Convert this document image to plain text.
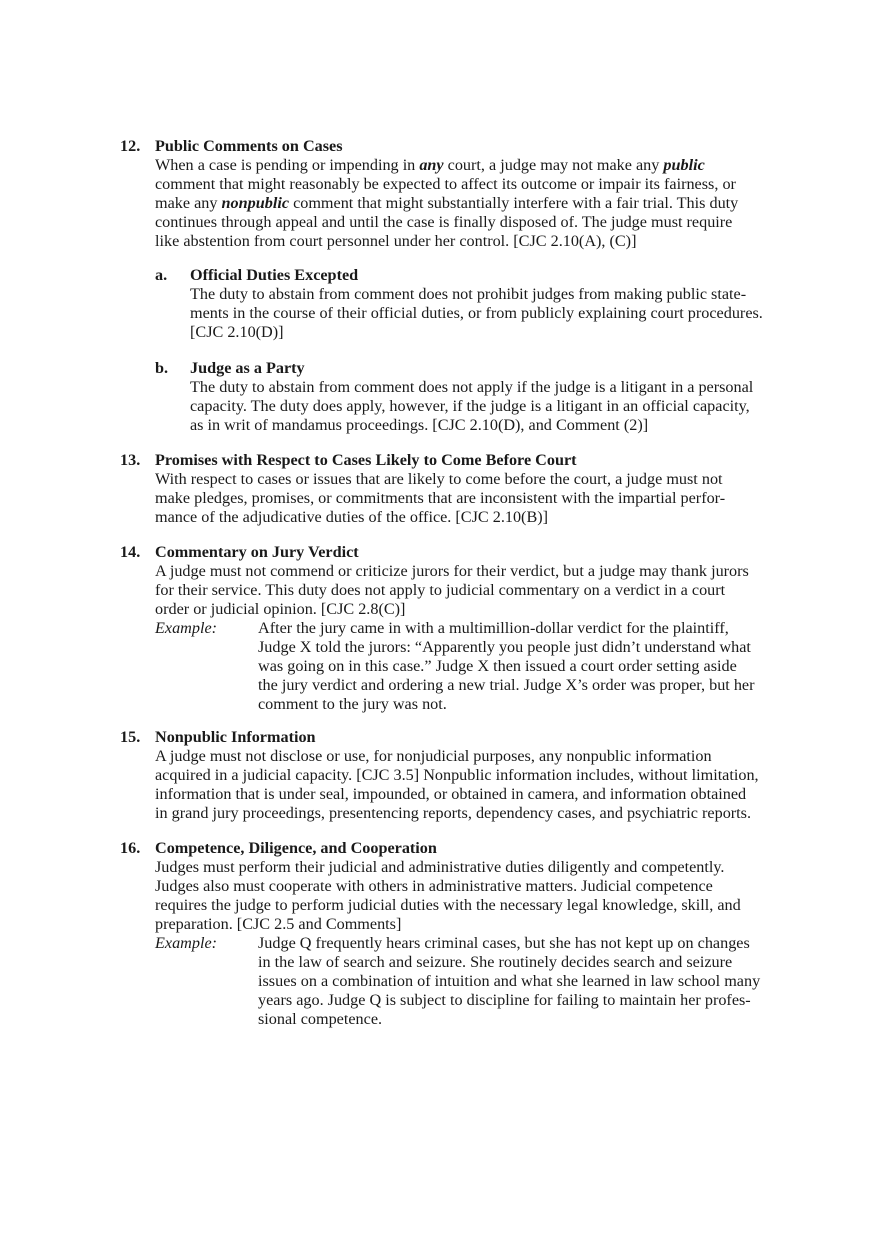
12. Public Comments on Cases
When a case is pending or impending in any court, a judge may not make any public
comment that might reasonably be expected to affect its outcome or impair its fairness, or
make any nonpublic comment that might substantially interfere with a fair trial. This duty
continues through appeal and until the case is finally disposed of. The judge must require
like abstention from court personnel under her control. [CJC 2.10(A), (C)]
a. Official Duties Excepted
The duty to abstain from comment does not prohibit judges from making public state-
ments in the course of their official duties, or from publicly explaining court procedures.
[CJC 2.10(D)]
b. Judge as a Party
The duty to abstain from comment does not apply if the judge is a litigant in a personal
capacity. The duty does apply, however, if the judge is a litigant in an official capacity,
as in writ of mandamus proceedings. [CJC 2.10(D), and Comment (2)]
13. Promises with Respect to Cases Likely to Come Before Court
With respect to cases or issues that are likely to come before the court, a judge must not
make pledges, promises, or commitments that are inconsistent with the impartial perfor-
mance of the adjudicative duties of the office. [CJC 2.10(B)]
14. Commentary on Jury Verdict
A judge must not commend or criticize jurors for their verdict, but a judge may thank jurors
for their service. This duty does not apply to judicial commentary on a verdict in a court
order or judicial opinion. [CJC 2.8(C)]
Example:	After the jury came in with a multimillion-dollar verdict for the plaintiff,
Judge X told the jurors: “Apparently you people just didn’t understand what
was going on in this case.” Judge X then issued a court order setting aside
the jury verdict and ordering a new trial. Judge X’s order was proper, but her
comment to the jury was not.
15. Nonpublic Information
A judge must not disclose or use, for nonjudicial purposes, any nonpublic information
acquired in a judicial capacity. [CJC 3.5] Nonpublic information includes, without limitation,
information that is under seal, impounded, or obtained in camera, and information obtained
in grand jury proceedings, presentencing reports, dependency cases, and psychiatric reports.
16. Competence, Diligence, and Cooperation
Judges must perform their judicial and administrative duties diligently and competently.
Judges also must cooperate with others in administrative matters. Judicial competence
requires the judge to perform judicial duties with the necessary legal knowledge, skill, and
preparation. [CJC 2.5 and Comments]
Example:	Judge Q frequently hears criminal cases, but she has not kept up on changes
in the law of search and seizure. She routinely decides search and seizure
issues on a combination of intuition and what she learned in law school many
years ago. Judge Q is subject to discipline for failing to maintain her profes-
sional competence.
